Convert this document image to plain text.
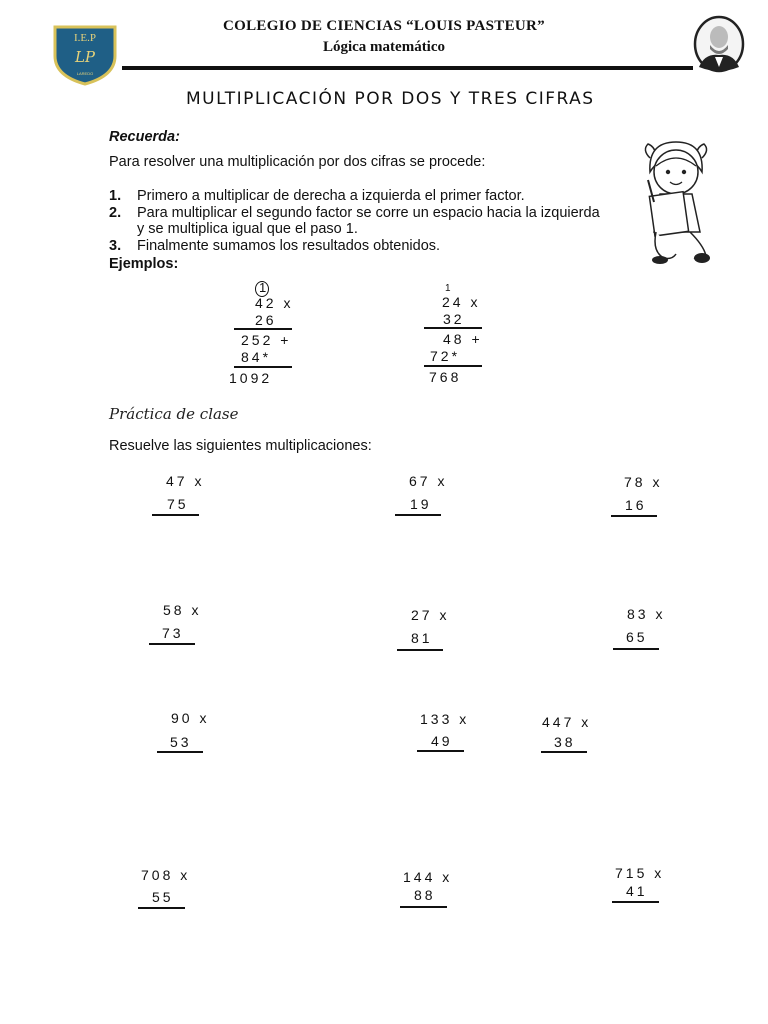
I.E.P
LP
LAREDO
COLEGIO DE CIENCIAS “LOUIS PASTEUR”
Lógica matemático
MULTIPLICACIÓN POR DOS Y TRES CIFRAS
Recuerda:
Para resolver una multiplicación por dos cifras se procede:
1. Primero a multiplicar de derecha a izquierda el primer factor.
2. Para multiplicar el segundo factor se corre un espacio hacia la izquierda
y se multiplica igual que el paso 1.
3. Finalmente sumamos los resultados obtenidos.
Ejemplos:
1
42 x
26
252 +
84*
1092
1
24 x
32
48 +
72*
768
Práctica de clase
Resuelve las siguientes multiplicaciones:
47 x
75
67 x
19
78 x
16
58 x
73
27 x
81
83 x
65
90 x
53
133 x
49
447 x
38
708 x
55
144 x
88
715 x
41
